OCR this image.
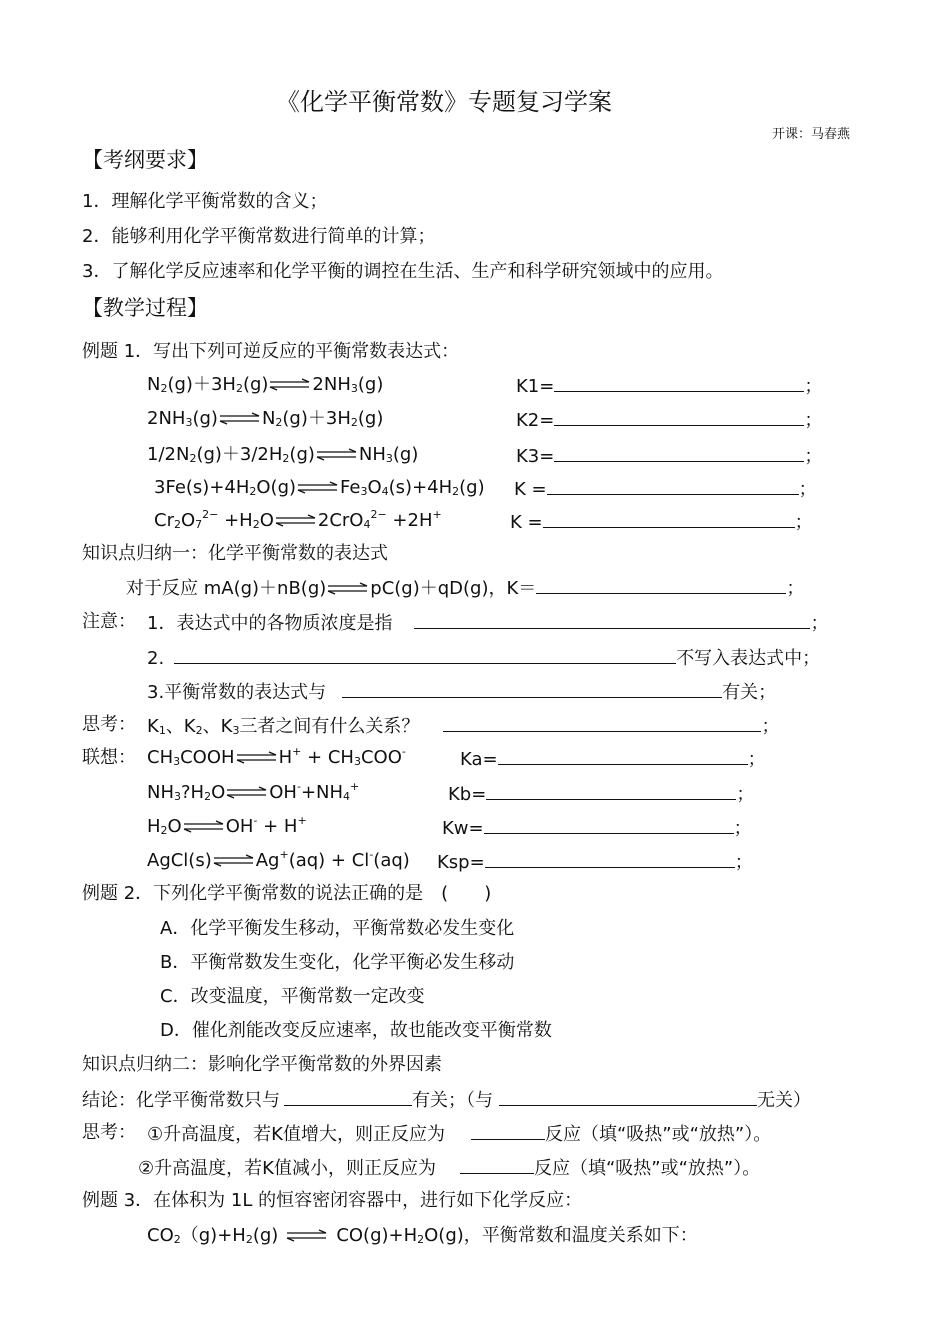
《化学平衡常数》专题复习学案
开课：马春燕
【考纲要求】
1．理解化学平衡常数的含义；
2．能够利用化学平衡常数进行简单的计算；
3．了解化学反应速率和化学平衡的调控在生活、生产和科学研究领域中的应用。
【教学过程】
例题 1．写出下列可逆反应的平衡常数表达式：
$N_2(g)+3H_2(g)$ $2NH_3(g)$	K1=	；
$2NH_3(g)$ $N_2(g)+3H_2(g)$	K2=	；
$1/2N_2(g)+3/2H_2(g)$ $NH_3(g)$	K3=	；
$3Fe(s)+4H_2O(g)$ $Fe_3O_4(s)+4H_2(g) K$ =	；
$Cr_2O_7^{2-} +H_2O$ 2CrO$_4^{2-}$ +2H+	K =	；
知识点归纳一：化学平衡常数的表达式
对于反应 mA(g)＋nB(g) pC(g)＋qD(g)，K＝	；
注意： 1．表达式中的各物质浓度是指	；
2.	不写入表达式中；
3.平衡常数的表达式与	有关；
思考： $K_1$、$K_2$、$K_3$三者之间有什么关系？	；
联想： $CH_3COOH$ $H^+ + CH_3COO^-$	Ka=	；
$NH_3?H_2O$ $OH^-+NH_4^+$	Kb=	；
$H_2O$ OH- + H+	Kw=	；
AgCl(s) Ag+(aq) + Cl-(aq) Ksp=	；
例题 2．下列化学平衡常数的说法正确的是　(　　)
A．化学平衡发生移动，平衡常数必发生变化
B．平衡常数发生变化，化学平衡必发生移动
C．改变温度，平衡常数一定改变
D．催化剂能改变反应速率，故也能改变平衡常数
知识点归纳二：影响化学平衡常数的外界因素
结论：化学平衡常数只与	有关；（与	无关）
思考： ①升高温度，若K值增大，则正反应为	反应（填“吸热”或“放热”）。
②升高温度，若K值减小，则正反应为	反应（填“吸热”或“放热”）。
例题 3．在体积为 1L 的恒容密闭容器中，进行如下化学反应：
$CO_2(g)+H_2(g)$	$CO(g)+H_2O(g)$，平衡常数和温度关系如下：
